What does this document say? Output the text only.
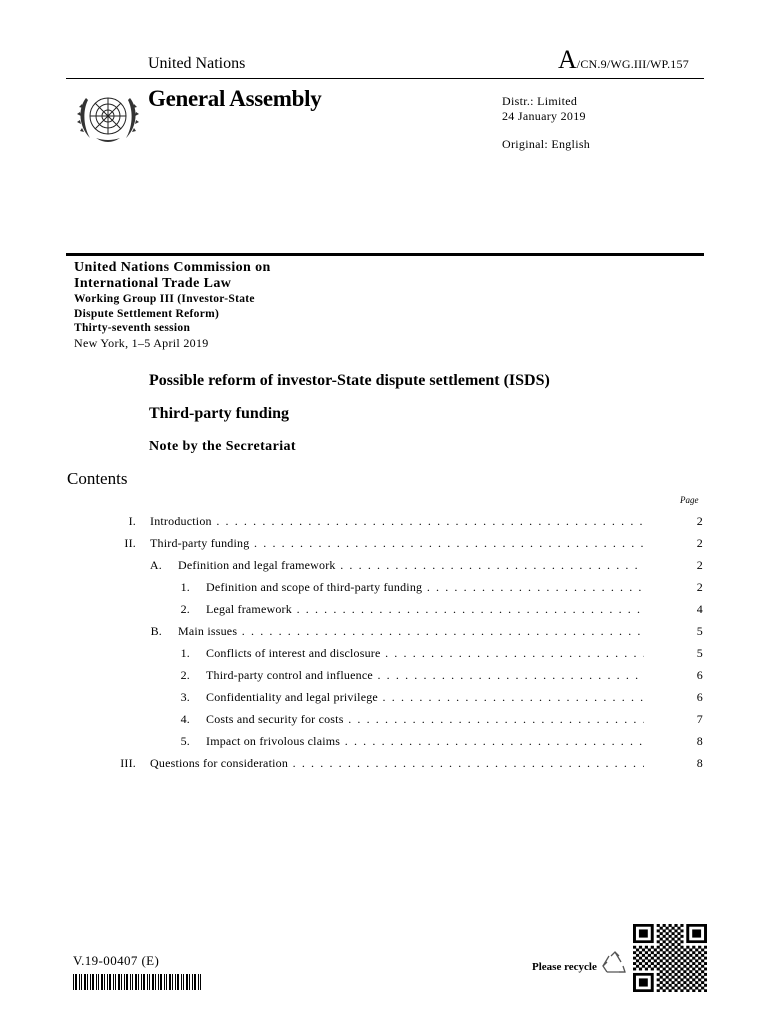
United Nations	A/CN.9/WG.III/WP.157
General Assembly	Distr.: Limited
24 January 2019
Original: English
United Nations Commission on
International Trade Law
Working Group III (Investor-State
Dispute Settlement Reform)
Thirty-seventh session
New York, 1–5 April 2019
Possible reform of investor-State dispute settlement (ISDS)
Third-party funding
Note by the Secretariat
Contents
Page
I. Introduction . . .	2
II. Third-party funding . . .	2
A. Definition and legal framework . . .	2
1. Definition and scope of third-party funding . . .	2
2. Legal framework . . .	4
B. Main issues . . .	5
1. Conflicts of interest and disclosure . . .	5
2. Third-party control and influence . . .	6
3. Confidentiality and legal privilege . . .	6
4. Costs and security for costs . . .	7
5. Impact on frivolous claims . . .	8
III. Questions for consideration . . .	8
V.19-00407 (E)	Please recycle
